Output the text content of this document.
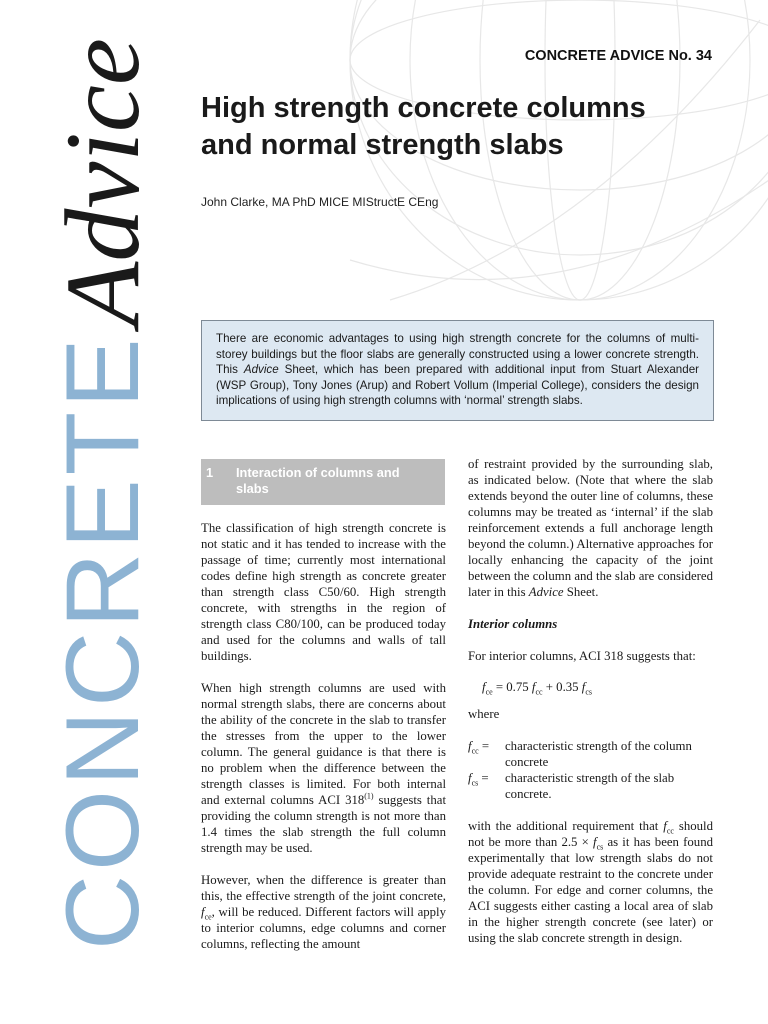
CONCRETEAdvice	CONCRETE ADVICE No. 34
High strength concrete columns
and normal strength slabs
John Clarke, MA PhD MICE MIStructE CEng
There are economic advantages to using high strength concrete for the columns of multi-storey buildings but the floor slabs are generally constructed using a lower concrete strength. This Advice Sheet, which has been prepared with additional input from Stuart Alexander (WSP Group), Tony Jones (Arup) and Robert Vollum (Imperial College), considers the design implications of using high strength columns with ‘normal’ strength slabs.
1 Interaction of columns and slabs

The classification of high strength concrete is not static and it has tended to increase with the passage of time; currently most international codes define high strength as concrete greater than strength class C50/60. High strength concrete, with strengths in the region of strength class C80/100, can be produced today and used for the columns and walls of tall buildings.

When high strength columns are used with normal strength slabs, there are concerns about the ability of the concrete in the slab to transfer the stresses from the upper to the lower column. The general guidance is that there is no problem when the difference between the strength classes is limited. For both internal and external columns ACI 318$^{(1)}$ suggests that providing the column strength is not more than 1.4 times the slab strength the full column strength may be used.

However, when the difference is greater than this, the effective strength of the joint concrete, $f_{ce}$, will be reduced. Different factors will apply to interior columns, edge columns and corner columns, reflecting the amount

of restraint provided by the surrounding slab, as indicated below. (Note that where the slab extends beyond the outer line of columns, these columns may be treated as ‘internal’ if the slab reinforcement extends a full anchorage length beyond the column.) Alternative approaches for locally enhancing the capacity of the joint between the column and the slab are considered later in this Advice Sheet.

Interior columns

For interior columns, ACI 318 suggests that:

$f_{ce} = 0.75$ $f_{cc} + 0.35$ $f_{cs}$

where

$f_{cc}$ =	characteristic strength of the column concrete
$f_{cs}$ =	characteristic strength of the slab concrete.

with the additional requirement that $f_{cc}$ should not be more than $2.5 \times f_{cs}$ as it has been found experimentally that low strength slabs do not provide adequate restraint to the concrete under the column. For edge and corner columns, the ACI suggests either casting a local area of slab in the higher strength concrete (see later) or using the slab concrete strength in design.
